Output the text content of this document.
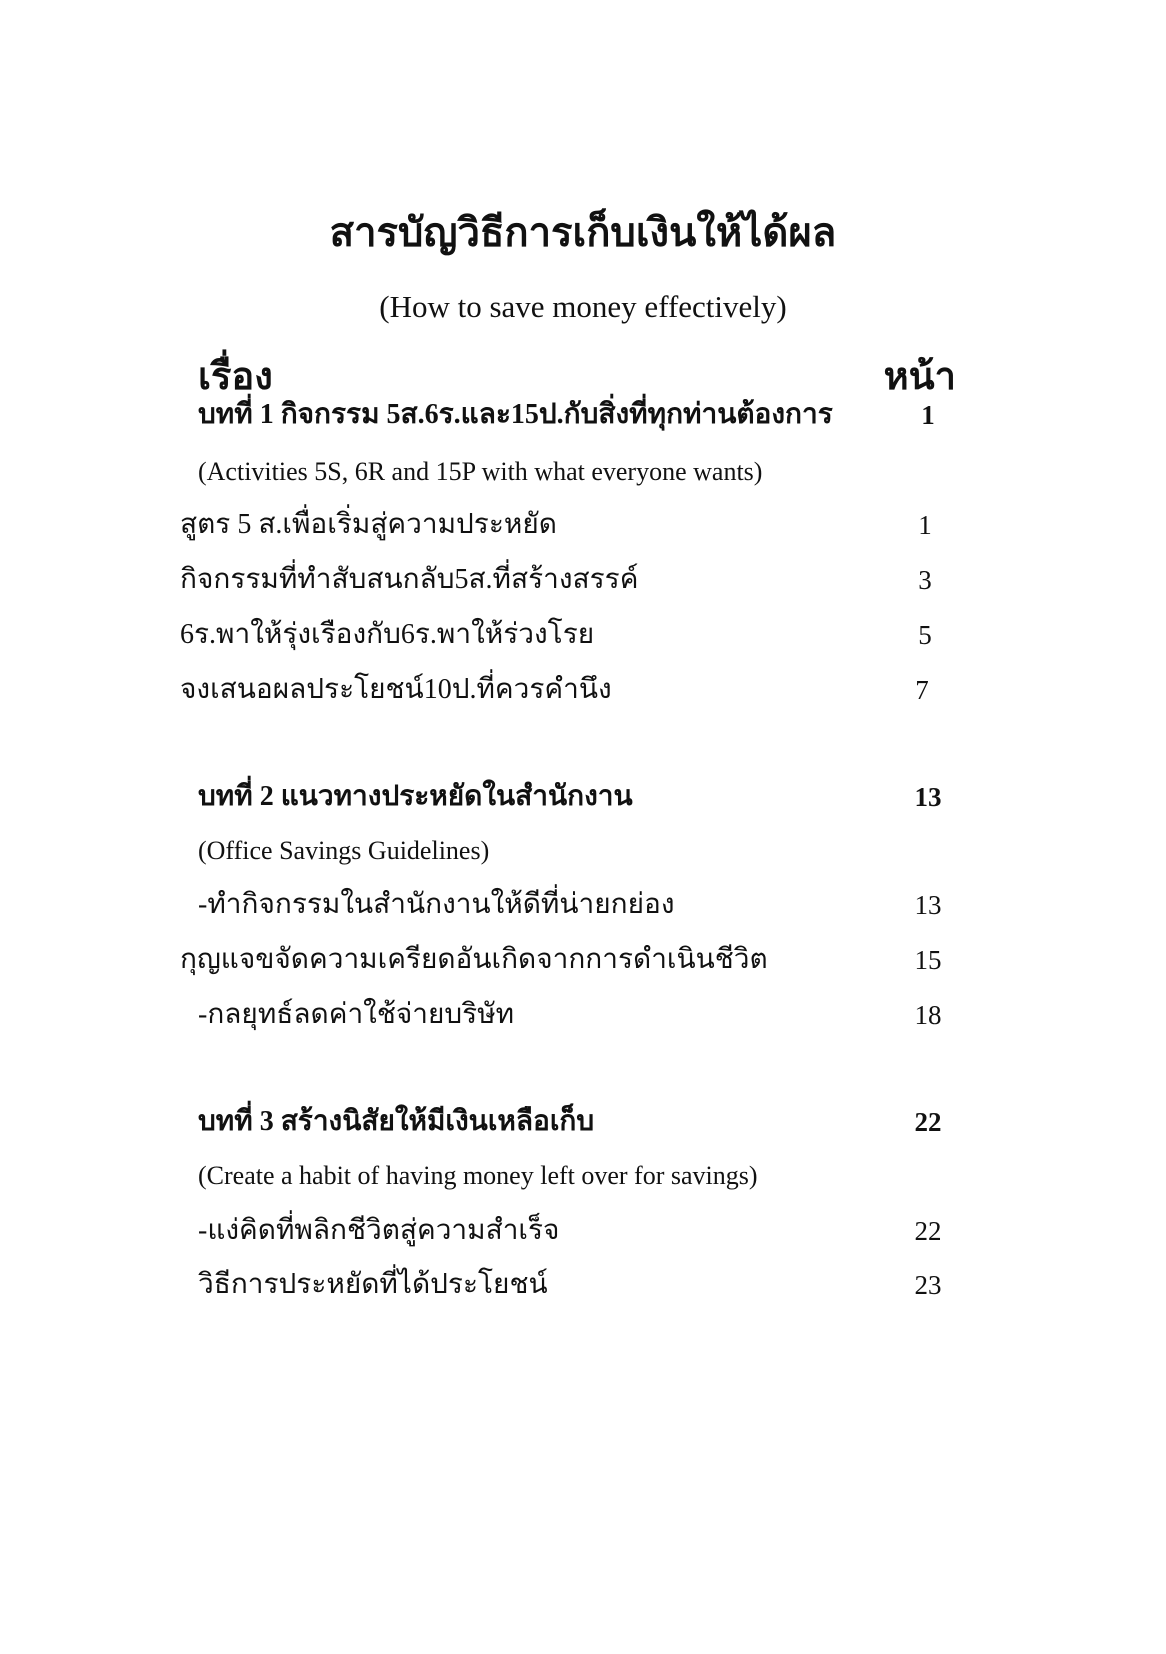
สารบัญวิธีการเก็บเงินให้ได้ผล

(How to save money effectively)

เรื่อง	หน้า
บทที่ 1 กิจกรรม 5ส.6ร.และ15ป.กับสิ่งที่ทุกท่านต้องการ	1
(Activities 5S, 6R and 15P with what everyone wants)
สูตร 5 ส.เพื่อเริ่มสู่ความประหยัด	1
กิจกรรมที่ทำสับสนกลับ5ส.ที่สร้างสรรค์	3
6ร.พาให้รุ่งเรืองกับ6ร.พาให้ร่วงโรย	5
จงเสนอผลประโยชน์10ป.ที่ควรคำนึง	7
บทที่ 2 แนวทางประหยัดในสำนักงาน	13
(Office Savings Guidelines)
-ทำกิจกรรมในสำนักงานให้ดีที่น่ายกย่อง	13
กุญแจขจัดความเครียดอันเกิดจากการดำเนินชีวิต	15
-กลยุทธ์ลดค่าใช้จ่ายบริษัท	18
บทที่ 3 สร้างนิสัยให้มีเงินเหลือเก็บ	22
(Create a habit of having money left over for savings)
-แง่คิดที่พลิกชีวิตสู่ความสำเร็จ	22
วิธีการประหยัดที่ได้ประโยชน์	23
